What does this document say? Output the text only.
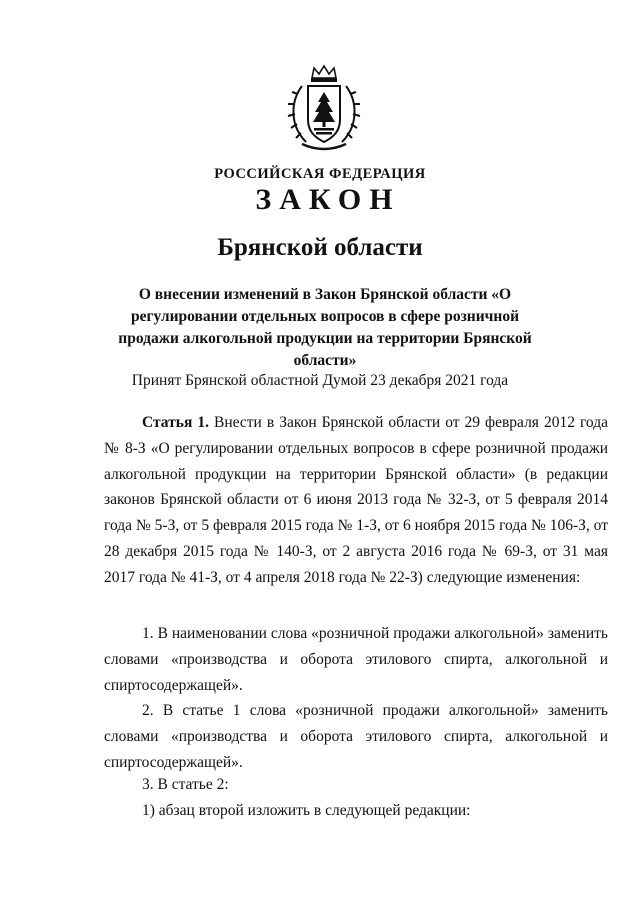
РОССИЙСКАЯ ФЕДЕРАЦИЯ
ЗАКОН
Брянской области
О внесении изменений в Закон Брянской области «О регулировании отдельных вопросов в сфере розничной продажи алкогольной продукции на территории Брянской области»
Принят Брянской областной Думой 23 декабря 2021 года
Статья 1. Внести в Закон Брянской области от 29 февраля 2012 года № 8-З «О регулировании отдельных вопросов в сфере розничной продажи алкогольной продукции на территории Брянской области» (в редакции законов Брянской области от 6 июня 2013 года № 32-З, от 5 февраля 2014 года № 5-З, от 5 февраля 2015 года № 1-З, от 6 ноября 2015 года № 106-З, от 28 декабря 2015 года № 140-З, от 2 августа 2016 года № 69-З, от 31 мая 2017 года № 41-З, от 4 апреля 2018 года № 22-З) следующие изменения:
1. В наименовании слова «розничной продажи алкогольной» заменить словами «производства и оборота этилового спирта, алкогольной и спиртосодержащей».
2. В статье 1 слова «розничной продажи алкогольной» заменить словами «производства и оборота этилового спирта, алкогольной и спиртосодержащей».
3. В статье 2:
1) абзац второй изложить в следующей редакции:
